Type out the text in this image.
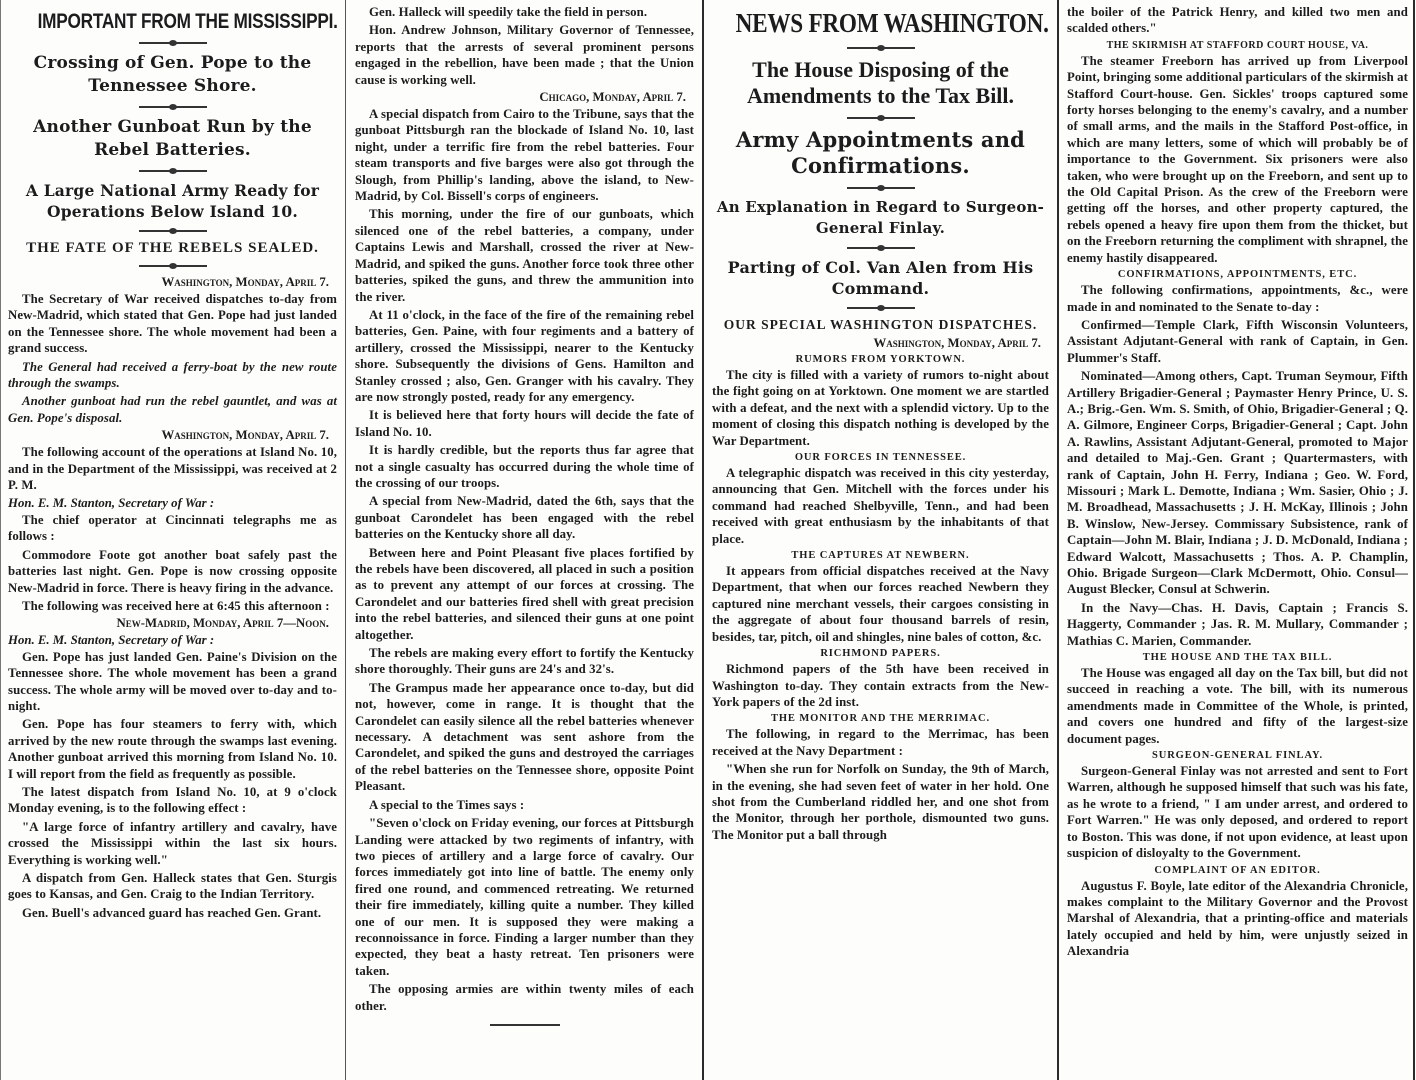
IMPORTANT FROM THE MISSISSIPPI.
Crossing of Gen. Pope to the Tennessee Shore.
Another Gunboat Run by the Rebel Batteries.
A Large National Army Ready for Operations Below Island 10.
THE FATE OF THE REBELS SEALED.
Washington, Monday, April 7.

The Secretary of War received dispatches to-day from New-Madrid, which stated that Gen. Pope had just landed on the Tennessee shore. The whole movement had been a grand success.

The General had received a ferry-boat by the new route through the swamps.

Another gunboat had run the rebel gauntlet, and was at Gen. Pope's disposal.

Washington, Monday, April 7.

The following account of the operations at Island No. 10, and in the Department of the Mississippi, was received at 2 P. M.

Hon. E. M. Stanton, Secretary of War :

The chief operator at Cincinnati telegraphs me as follows :

Commodore Foote got another boat safely past the batteries last night. Gen. Pope is now crossing opposite New-Madrid in force. There is heavy firing in the advance.

The following was received here at 6:45 this afternoon :

New-Madrid, Monday, April 7—Noon.

Hon. E. M. Stanton, Secretary of War :

Gen. Pope has just landed Gen. Paine's Division on the Tennessee shore. The whole movement has been a grand success. The whole army will be moved over to-day and to-night.

Gen. Pope has four steamers to ferry with, which arrived by the new route through the swamps last evening. Another gunboat arrived this morning from Island No. 10. I will report from the field as frequently as possible.

The latest dispatch from Island No. 10, at 9 o'clock Monday evening, is to the following effect :

"A large force of infantry artillery and cavalry, have crossed the Mississippi within the last six hours. Everything is working well."

A dispatch from Gen. Halleck states that Gen. Sturgis goes to Kansas, and Gen. Craig to the Indian Territory.

Gen. Buell's advanced guard has reached Gen. Grant.

Gen. Halleck will speedily take the field in person.

Hon. Andrew Johnson, Military Governor of Tennessee, reports that the arrests of several prominent persons engaged in the rebellion, have been made ; that the Union cause is working well.

Chicago, Monday, April 7.

A special dispatch from Cairo to the Tribune, says that the gunboat Pittsburgh ran the blockade of Island No. 10, last night, under a terrific fire from the rebel batteries. Four steam transports and five barges were also got through the Slough, from Phillip's landing, above the island, to New-Madrid, by Col. Bissell's corps of engineers.

This morning, under the fire of our gunboats, which silenced one of the rebel batteries, a company, under Captains Lewis and Marshall, crossed the river at New-Madrid, and spiked the guns. Another force took three other batteries, spiked the guns, and threw the ammunition into the river.

At 11 o'clock, in the face of the fire of the remaining rebel batteries, Gen. Paine, with four regiments and a battery of artillery, crossed the Mississippi, nearer to the Kentucky shore. Subsequently the divisions of Gens. Hamilton and Stanley crossed ; also, Gen. Granger with his cavalry. They are now strongly posted, ready for any emergency.

It is believed here that forty hours will decide the fate of Island No. 10.

It is hardly credible, but the reports thus far agree that not a single casualty has occurred during the whole time of the crossing of our troops.

A special from New-Madrid, dated the 6th, says that the gunboat Carondelet has been engaged with the rebel batteries on the Kentucky shore all day.

Between here and Point Pleasant five places fortified by the rebels have been discovered, all placed in such a position as to prevent any attempt of our forces at crossing. The Carondelet and our batteries fired shell with great precision into the rebel batteries, and silenced their guns at one point altogether.

The rebels are making every effort to fortify the Kentucky shore thoroughly. Their guns are 24's and 32's.

The Grampus made her appearance once to-day, but did not, however, come in range. It is thought that the Carondelet can easily silence all the rebel batteries whenever necessary. A detachment was sent ashore from the Carondelet, and spiked the guns and destroyed the carriages of the rebel batteries on the Tennessee shore, opposite Point Pleasant.

A special to the Times says :

"Seven o'clock on Friday evening, our forces at Pittsburgh Landing were attacked by two regiments of infantry, with two pieces of artillery and a large force of cavalry. Our forces immediately got into line of battle. The enemy only fired one round, and commenced retreating. We returned their fire immediately, killing quite a number. They killed one of our men. It is supposed they were making a reconnoissance in force. Finding a larger number than they expected, they beat a hasty retreat. Ten prisoners were taken.

The opposing armies are within twenty miles of each other.

NEWS FROM WASHINGTON.
The House Disposing of the Amendments to the Tax Bill.
Army Appointments and Confirmations.
An Explanation in Regard to Surgeon-General Finlay.
Parting of Col. Van Alen from His Command.
OUR SPECIAL WASHINGTON DISPATCHES.
Washington, Monday, April 7.
RUMORS FROM YORKTOWN.

The city is filled with a variety of rumors to-night about the fight going on at Yorktown. One moment we are startled with a defeat, and the next with a splendid victory. Up to the moment of closing this dispatch nothing is developed by the War Department.

OUR FORCES IN TENNESSEE.

A telegraphic dispatch was received in this city yesterday, announcing that Gen. Mitchell with the forces under his command had reached Shelbyville, Tenn., and had been received with great enthusiasm by the inhabitants of that place.

THE CAPTURES AT NEWBERN.

It appears from official dispatches received at the Navy Department, that when our forces reached Newbern they captured nine merchant vessels, their cargoes consisting in the aggregate of about four thousand barrels of resin, besides, tar, pitch, oil and shingles, nine bales of cotton, &c.

RICHMOND PAPERS.

Richmond papers of the 5th have been received in Washington to-day. They contain extracts from the New-York papers of the 2d inst.

THE MONITOR AND THE MERRIMAC.

The following, in regard to the Merrimac, has been received at the Navy Department :

"When she run for Norfolk on Sunday, the 9th of March, in the evening, she had seven feet of water in her hold. One shot from the Cumberland riddled her, and one shot from the Monitor, through her porthole, dismounted two guns. The Monitor put a ball through

the boiler of the Patrick Henry, and killed two men and scalded others."

THE SKIRMISH AT STAFFORD COURT HOUSE, VA.

The steamer Freeborn has arrived up from Liverpool Point, bringing some additional particulars of the skirmish at Stafford Court-house. Gen. Sickles' troops captured some forty horses belonging to the enemy's cavalry, and a number of small arms, and the mails in the Stafford Post-office, in which are many letters, some of which will probably be of importance to the Government. Six prisoners were also taken, who were brought up on the Freeborn, and sent up to the Old Capital Prison. As the crew of the Freeborn were getting off the horses, and other property captured, the rebels opened a heavy fire upon them from the thicket, but on the Freeborn returning the compliment with shrapnel, the enemy hastily disappeared.

CONFIRMATIONS, APPOINTMENTS, ETC.

The following confirmations, appointments, &c., were made in and nominated to the Senate to-day :

Confirmed—Temple Clark, Fifth Wisconsin Volunteers, Assistant Adjutant-General with rank of Captain, in Gen. Plummer's Staff.

Nominated—Among others, Capt. Truman Seymour, Fifth Artillery Brigadier-General ; Paymaster Henry Prince, U. S. A.; Brig.-Gen. Wm. S. Smith, of Ohio, Brigadier-General ; Q. A. Gilmore, Engineer Corps, Brigadier-General ; Capt. John A. Rawlins, Assistant Adjutant-General, promoted to Major and detailed to Maj.-Gen. Grant ; Quartermasters, with rank of Captain, John H. Ferry, Indiana ; Geo. W. Ford, Missouri ; Mark L. Demotte, Indiana ; Wm. Sasier, Ohio ; J. M. Broadhead, Massachusetts ; J. H. McKay, Illinois ; John B. Winslow, New-Jersey. Commissary Subsistence, rank of Captain—John M. Blair, Indiana ; J. D. McDonald, Indiana ; Edward Walcott, Massachusetts ; Thos. A. P. Champlin, Ohio. Brigade Surgeon—Clark McDermott, Ohio. Consul—August Blecker, Consul at Schwerin.

In the Navy—Chas. H. Davis, Captain ; Francis S. Haggerty, Commander ; Jas. R. M. Mullary, Commander ; Mathias C. Marien, Commander.

THE HOUSE AND THE TAX BILL.

The House was engaged all day on the Tax bill, but did not succeed in reaching a vote. The bill, with its numerous amendments made in Committee of the Whole, is printed, and covers one hundred and fifty of the largest-size document pages.

SURGEON-GENERAL FINLAY.

Surgeon-General Finlay was not arrested and sent to Fort Warren, although he supposed himself that such was his fate, as he wrote to a friend, " I am under arrest, and ordered to Fort Warren." He was only deposed, and ordered to report to Boston. This was done, if not upon evidence, at least upon suspicion of disloyalty to the Government.

COMPLAINT OF AN EDITOR.

Augustus F. Boyle, late editor of the Alexandria Chronicle, makes complaint to the Military Governor and the Provost Marshal of Alexandria, that a printing-office and materials lately occupied and held by him, were unjustly seized in Alexandria
